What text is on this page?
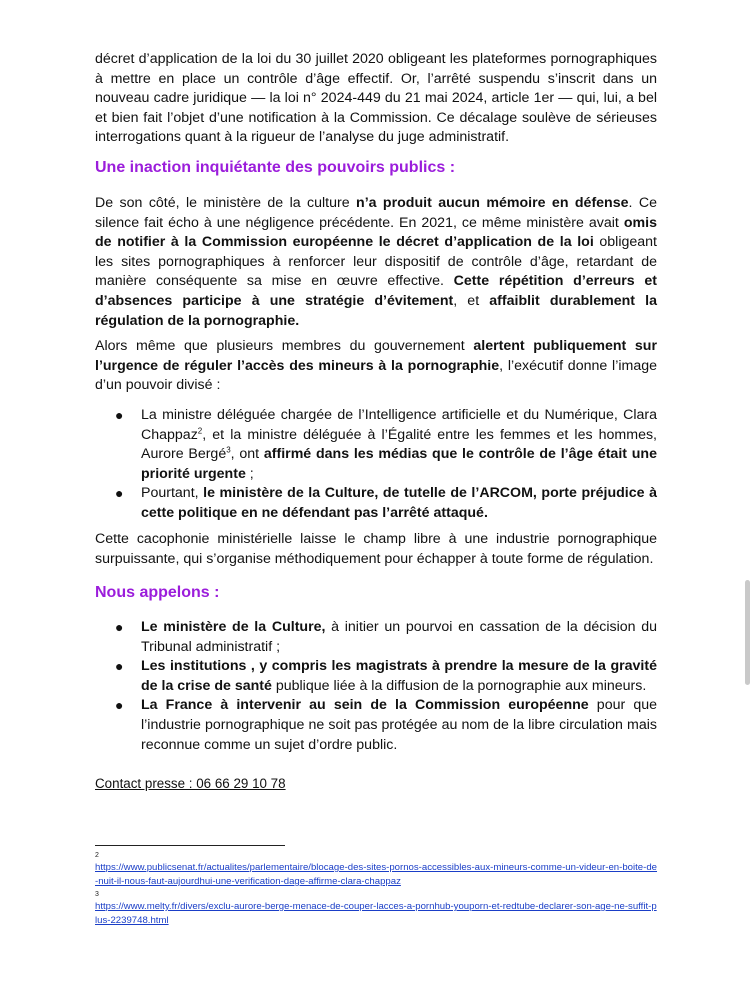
décret d’application de la loi du 30 juillet 2020 obligeant les plateformes pornographiques à mettre en place un contrôle d’âge effectif. Or, l’arrêté suspendu s’inscrit dans un nouveau cadre juridique — la loi n° 2024-449 du 21 mai 2024, article 1er — qui, lui, a bel et bien fait l’objet d’une notification à la Commission. Ce décalage soulève de sérieuses interrogations quant à la rigueur de l’analyse du juge administratif.
Une inaction inquiétante des pouvoirs publics :
De son côté, le ministère de la culture n’a produit aucun mémoire en défense. Ce silence fait écho à une négligence précédente. En 2021, ce même ministère avait omis de notifier à la Commission européenne le décret d’application de la loi obligeant les sites pornographiques à renforcer leur dispositif de contrôle d’âge, retardant de manière conséquente sa mise en œuvre effective. Cette répétition d’erreurs et d’absences participe à une stratégie d’évitement, et affaiblit durablement la régulation de la pornographie.
Alors même que plusieurs membres du gouvernement alertent publiquement sur l’urgence de réguler l’accès des mineurs à la pornographie, l’exécutif donne l’image d’un pouvoir divisé :
● La ministre déléguée chargée de l’Intelligence artificielle et du Numérique, Clara Chappaz$^2$, et la ministre déléguée à l’Égalité entre les femmes et les hommes, Aurore Bergé$^3$, ont affirmé dans les médias que le contrôle de l’âge était une priorité urgente ;
● Pourtant, le ministère de la Culture, de tutelle de l’ARCOM, porte préjudice à cette politique en ne défendant pas l’arrêté attaqué.
Cette cacophonie ministérielle laisse le champ libre à une industrie pornographique surpuissante, qui s’organise méthodiquement pour échapper à toute forme de régulation.
Nous appelons :
● Le ministère de la Culture, à initier un pourvoi en cassation de la décision du Tribunal administratif ;
● Les institutions , y compris les magistrats à prendre la mesure de la gravité de la crise de santé publique liée à la diffusion de la pornographie aux mineurs.
● La France à intervenir au sein de la Commission européenne pour que l’industrie pornographique ne soit pas protégée au nom de la libre circulation mais reconnue comme un sujet d’ordre public.
Contact presse : 06 66 29 10 78
2
https://www.publicsenat.fr/actualites/parlementaire/blocage-des-sites-pornos-accessibles-aux-mineurs-comme-un-videur-en-boite-de-nuit-il-nous-faut-aujourdhui-une-verification-dage-affirme-clara-chappaz
3
https://www.melty.fr/divers/exclu-aurore-berge-menace-de-couper-lacces-a-pornhub-youporn-et-redtube-declarer-son-age-ne-suffit-plus-2239748.html
